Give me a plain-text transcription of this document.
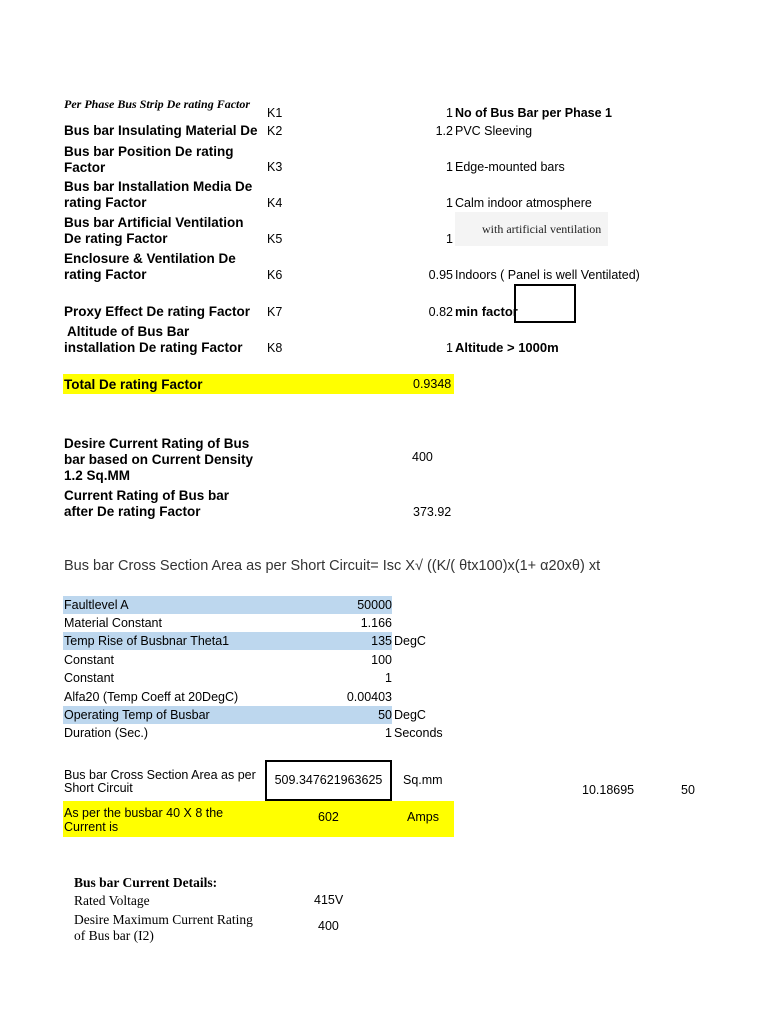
Per Phase Bus Strip De rating Factor
K1	1 No of Bus Bar per Phase 1
Bus bar Insulating Material De K2	1.2 PVC Sleeving
Bus bar Position De rating
Factor	K3	1 Edge-mounted bars
Bus bar Installation Media De
rating Factor	K4	1 Calm indoor atmosphere
Bus bar Artificial Ventilation
De rating Factor	K5	1
with artificial ventilation
Enclosure & Ventilation De
rating Factor	K6	0.95 Indoors ( Panel is well Ventilated)
Proxy Effect De rating Factor K7	0.82 min factor
Altitude of Bus Bar
installation De rating Factor K8	1 Altitude > 1000m
Total De rating Factor	0.9348
Desire Current Rating of Bus
bar based on Current Density
1.2 Sq.MM
400
Current Rating of Bus bar
after De rating Factor	373.92
Bus bar Cross Section Area as per Short Circuit= Isc X√ ((K/( θtx100)x(1+ α20xθ) xt
Faultlevel A	50000
Material Constant	1.166
Temp Rise of Busbnar Theta1	135 DegC
Constant	100
Constant	1
Alfa20 (Temp Coeff at 20DegC)	0.00403
Operating Temp of Busbar	50 DegC
Duration (Sec.)	1 Seconds
Bus bar Cross Section Area as per
Short Circuit
509.347621963625	Sq.mm
10.18695	50
As per the busbar 40 X 8 the
Current is
602	Amps
Bus bar Current Details:
Rated Voltage	415V
Desire Maximum Current Rating
of Bus bar (I2)
400
